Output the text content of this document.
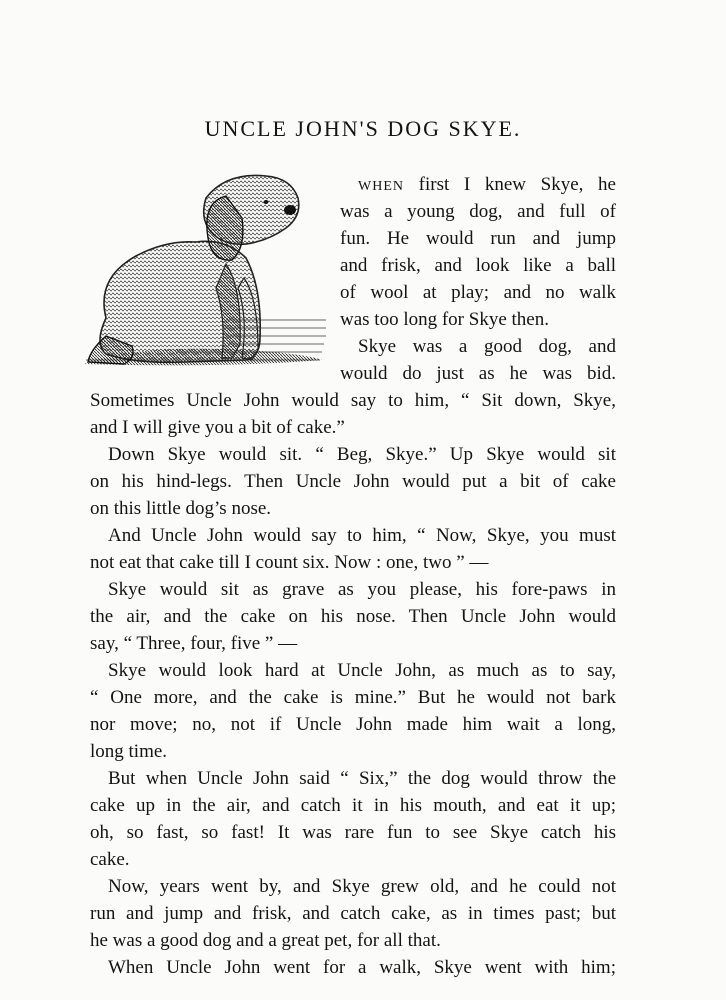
UNCLE JOHN'S DOG SKYE.
WHEN first I knew Skye, he
was a young dog, and full of
fun. He would run and jump
and frisk, and look like a ball
of wool at play; and no walk
was too long for Skye then.
Skye was a good dog, and
would do just as he was bid.
Sometimes Uncle John would say to him, “ Sit down, Skye,
and I will give you a bit of cake.”
Down Skye would sit. “ Beg, Skye.” Up Skye would sit
on his hind-legs. Then Uncle John would put a bit of cake
on this little dog’s nose.
And Uncle John would say to him, “ Now, Skye, you must
not eat that cake till I count six. Now : one, two ” —
Skye would sit as grave as you please, his fore-paws in
the air, and the cake on his nose. Then Uncle John would
say, “ Three, four, five ” —
Skye would look hard at Uncle John, as much as to say,
“ One more, and the cake is mine.” But he would not bark
nor move; no, not if Uncle John made him wait a long,
long time.
But when Uncle John said “ Six,” the dog would throw the
cake up in the air, and catch it in his mouth, and eat it up;
oh, so fast, so fast! It was rare fun to see Skye catch his
cake.
Now, years went by, and Skye grew old, and he could not
run and jump and frisk, and catch cake, as in times past; but
he was a good dog and a great pet, for all that.
When Uncle John went for a walk, Skye went with him;
